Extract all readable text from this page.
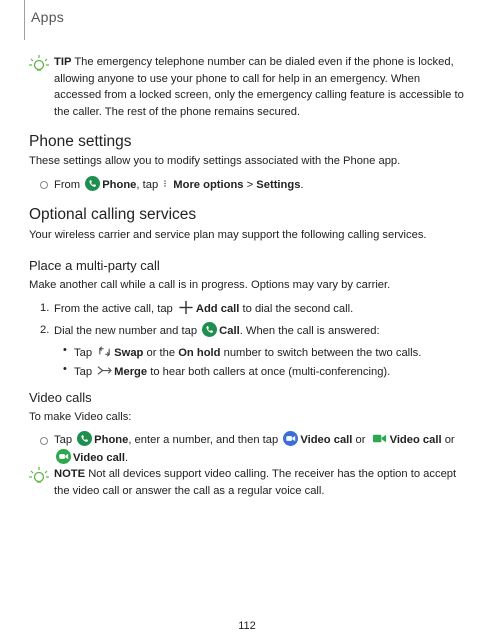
Apps
TIP The emergency telephone number can be dialed even if the phone is locked, allowing anyone to use your phone to call for help in an emergency. When accessed from a locked screen, only the emergency calling feature is accessible to the caller. The rest of the phone remains secured.
Phone settings

These settings allow you to modify settings associated with the Phone app.

From Phone, tap More options > Settings.
Optional calling services

Your wireless carrier and service plan may support the following calling services.

Place a multi-party call

Make another call while a call is in progress. Options may vary by carrier.

1. From the active call, tap Add call to dial the second call.
2. Dial the new number and tap Call. When the call is answered:
• Tap Swap or the On hold number to switch between the two calls.
• Tap Merge to hear both callers at once (multi-conferencing).
Video calls

To make Video calls:

Tap Phone, enter a number, and then tap Video call or Video call or
Video call.
NOTE Not all devices support video calling. The receiver has the option to accept the video call or answer the call as a regular voice call.
112
